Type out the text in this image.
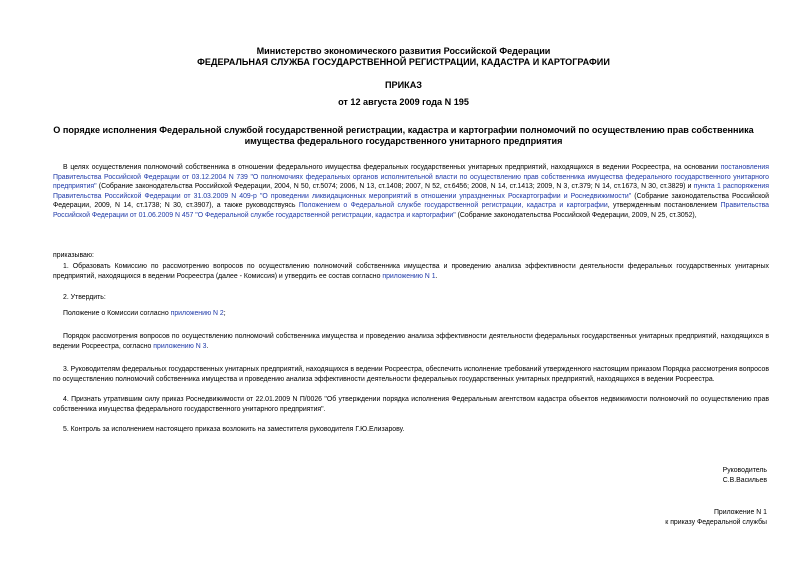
Министерство экономического развития Российской Федерации
ФЕДЕРАЛЬНАЯ СЛУЖБА ГОСУДАРСТВЕННОЙ РЕГИСТРАЦИИ, КАДАСТРА И КАРТОГРАФИИ
ПРИКАЗ
от 12 августа 2009 года N 195
О порядке исполнения Федеральной службой государственной регистрации, кадастра и картографии полномочий по осуществлению прав собственника
имущества федерального государственного унитарного предприятия
В целях осуществления полномочий собственника в отношении федерального имущества федеральных государственных унитарных предприятий, находящихся в ведении Росреестра, на основании постановления Правительства Российской Федерации от 03.12.2004 N 739 "О полномочиях федеральных органов исполнительной власти по осуществлению прав собственника имущества федерального государственного унитарного предприятия" (Собрание законодательства Российской Федерации, 2004, N 50, ст.5074; 2006, N 13, ст.1408; 2007, N 52, ст.6456; 2008, N 14, ст.1413; 2009, N 3, ст.379; N 14, ст.1673, N 30, ст.3829) и пункта 1 распоряжения Правительства Российской Федерации от 31.03.2009 N 409-р "О проведении ликвидационных мероприятий в отношении упраздненных Роскартографии и Роснедвижимости" (Собрание законодательства Российской Федерации, 2009, N 14, ст.1738; N 30, ст.3907), а также руководствуясь Положением о Федеральной службе государственной регистрации, кадастра и картографии, утвержденным постановлением Правительства Российской Федерации от 01.06.2009 N 457 "О Федеральной службе государственной регистрации, кадастра и картографии" (Собрание законодательства Российской Федерации, 2009, N 25, ст.3052),
приказываю:
1. Образовать Комиссию по рассмотрению вопросов по осуществлению полномочий собственника имущества и проведению анализа эффективности деятельности федеральных государственных унитарных предприятий, находящихся в ведении Росреестра (далее - Комиссия) и утвердить ее состав согласно приложению N 1.
2. Утвердить:
Положение о Комиссии согласно приложению N 2;
Порядок рассмотрения вопросов по осуществлению полномочий собственника имущества и проведению анализа эффективности деятельности федеральных государственных унитарных предприятий, находящихся в ведении Росреестра, согласно приложению N 3.
3. Руководителям федеральных государственных унитарных предприятий, находящихся в ведении Росреестра, обеспечить исполнение требований утвержденного настоящим приказом Порядка рассмотрения вопросов по осуществлению полномочий собственника имущества и проведению анализа эффективности деятельности федеральных государственных унитарных предприятий, находящихся в ведении Росреестра.
4. Признать утратившим силу приказ Роснедвижимости от 22.01.2009 N П/0026 "Об утверждении порядка исполнения Федеральным агентством кадастра объектов недвижимости полномочий по осуществлению прав собственника имущества федерального государственного унитарного предприятия".
5. Контроль за исполнением настоящего приказа возложить на заместителя руководителя Г.Ю.Елизарову.
Руководитель
С.В.Васильев
Приложение N 1
к приказу Федеральной службы
